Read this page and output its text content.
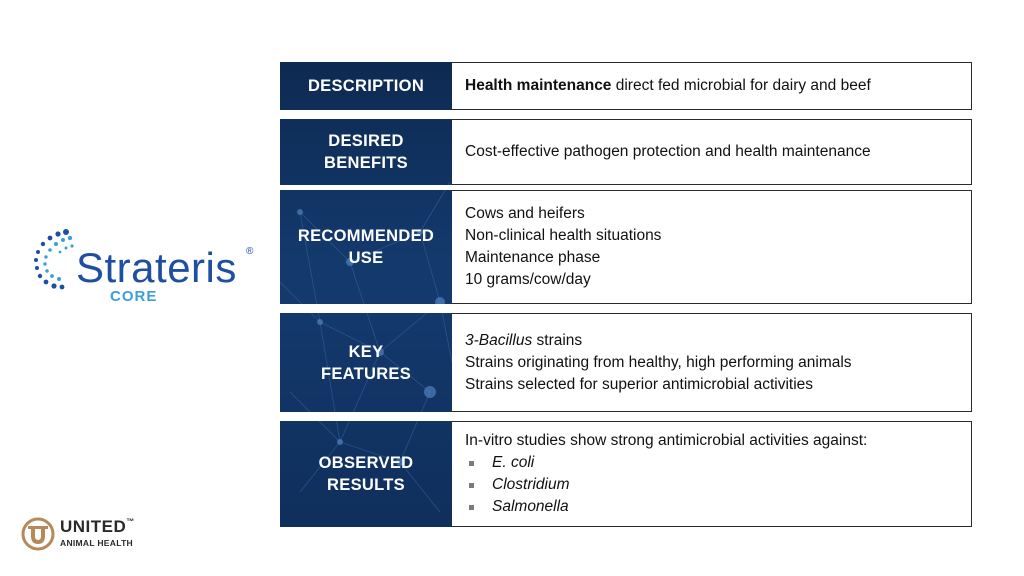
Strateris ®
CORE
DESCRIPTION	Health maintenance direct fed microbial for dairy and beef
DESIRED
BENEFITS
Cost-effective pathogen protection and health maintenance
RECOMMENDED
USE
Cows and heifers
Non-clinical health situations
Maintenance phase
10 grams/cow/day
KEY
FEATURES
3-Bacillus strains
Strains originating from healthy, high performing animals
Strains selected for superior antimicrobial activities
OBSERVED
RESULTS
In-vitro studies show strong antimicrobial activities against:
E. coli
Clostridium
Salmonella
UNITED™
ANIMAL HEALTH
